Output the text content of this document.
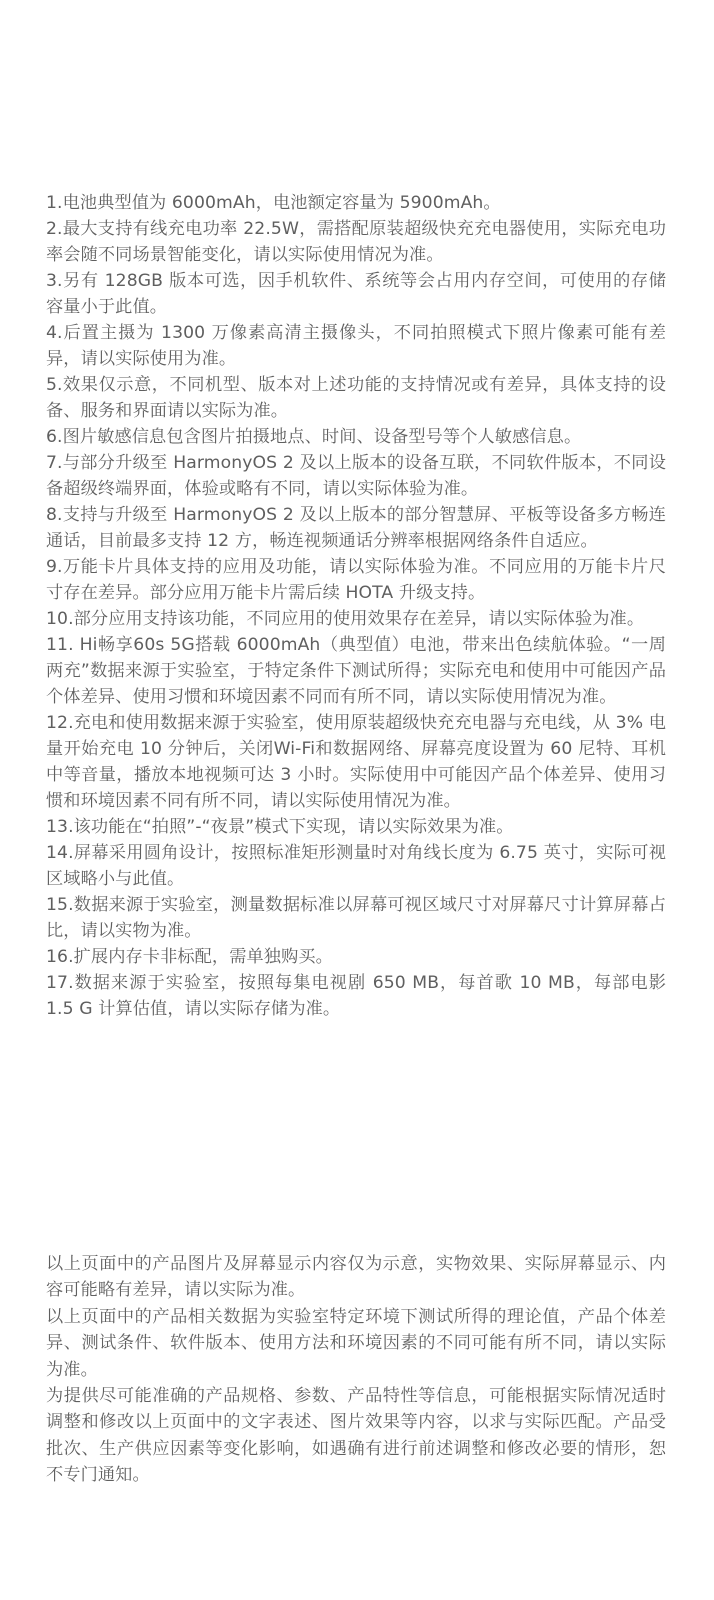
1.电池典型值为 6000mAh，电池额定容量为 5900mAh。

2.最大支持有线充电功率 22.5W，需搭配原装超级快充充电器使用，实际充电功率会随不同场景智能变化，请以实际使用情况为准。

3.另有 128GB 版本可选，因手机软件、系统等会占用内存空间，可使用的存储容量小于此值。

4.后置主摄为 1300 万像素高清主摄像头，不同拍照模式下照片像素可能有差异，请以实际使用为准。

5.效果仅示意，不同机型、版本对上述功能的支持情况或有差异，具体支持的设备、服务和界面请以实际为准。

6.图片敏感信息包含图片拍摄地点、时间、设备型号等个人敏感信息。

7.与部分升级至 HarmonyOS 2 及以上版本的设备互联，不同软件版本，不同设备超级终端界面，体验或略有不同，请以实际体验为准。

8.支持与升级至 HarmonyOS 2 及以上版本的部分智慧屏、平板等设备多方畅连通话，目前最多支持 12 方，畅连视频通话分辨率根据网络条件自适应。

9.万能卡片具体支持的应用及功能，请以实际体验为准。不同应用的万能卡片尺寸存在差异。部分应用万能卡片需后续 HOTA 升级支持。

10.部分应用支持该功能，不同应用的使用效果存在差异，请以实际体验为准。

11. Hi畅享60s 5G搭载 6000mAh（典型值）电池，带来出色续航体验。“一周两充”数据来源于实验室，于特定条件下测试所得；实际充电和使用中可能因产品个体差异、使用习惯和环境因素不同而有所不同，请以实际使用情况为准。

12.充电和使用数据来源于实验室，使用原装超级快充充电器与充电线，从 3% 电量开始充电 10 分钟后，关闭Wi-Fi和数据网络、屏幕亮度设置为 60 尼特、耳机中等音量，播放本地视频可达 3 小时。实际使用中可能因产品个体差异、使用习惯和环境因素不同有所不同，请以实际使用情况为准。

13.该功能在“拍照”-“夜景”模式下实现，请以实际效果为准。

14.屏幕采用圆角设计，按照标准矩形测量时对角线长度为 6.75 英寸，实际可视区域略小与此值。

15.数据来源于实验室，测量数据标准以屏幕可视区域尺寸对屏幕尺寸计算屏幕占比，请以实物为准。

16.扩展内存卡非标配，需单独购买。

17.数据来源于实验室，按照每集电视剧 650 MB，每首歌 10 MB，每部电影 1.5 G 计算估值，请以实际存储为准。

以上页面中的产品图片及屏幕显示内容仅为示意，实物效果、实际屏幕显示、内容可能略有差异，请以实际为准。

以上页面中的产品相关数据为实验室特定环境下测试所得的理论值，产品个体差异、测试条件、软件版本、使用方法和环境因素的不同可能有所不同，请以实际为准。

为提供尽可能准确的产品规格、参数、产品特性等信息，可能根据实际情况适时调整和修改以上页面中的文字表述、图片效果等内容，以求与实际匹配。产品受批次、生产供应因素等变化影响，如遇确有进行前述调整和修改必要的情形，恕不专门通知。
